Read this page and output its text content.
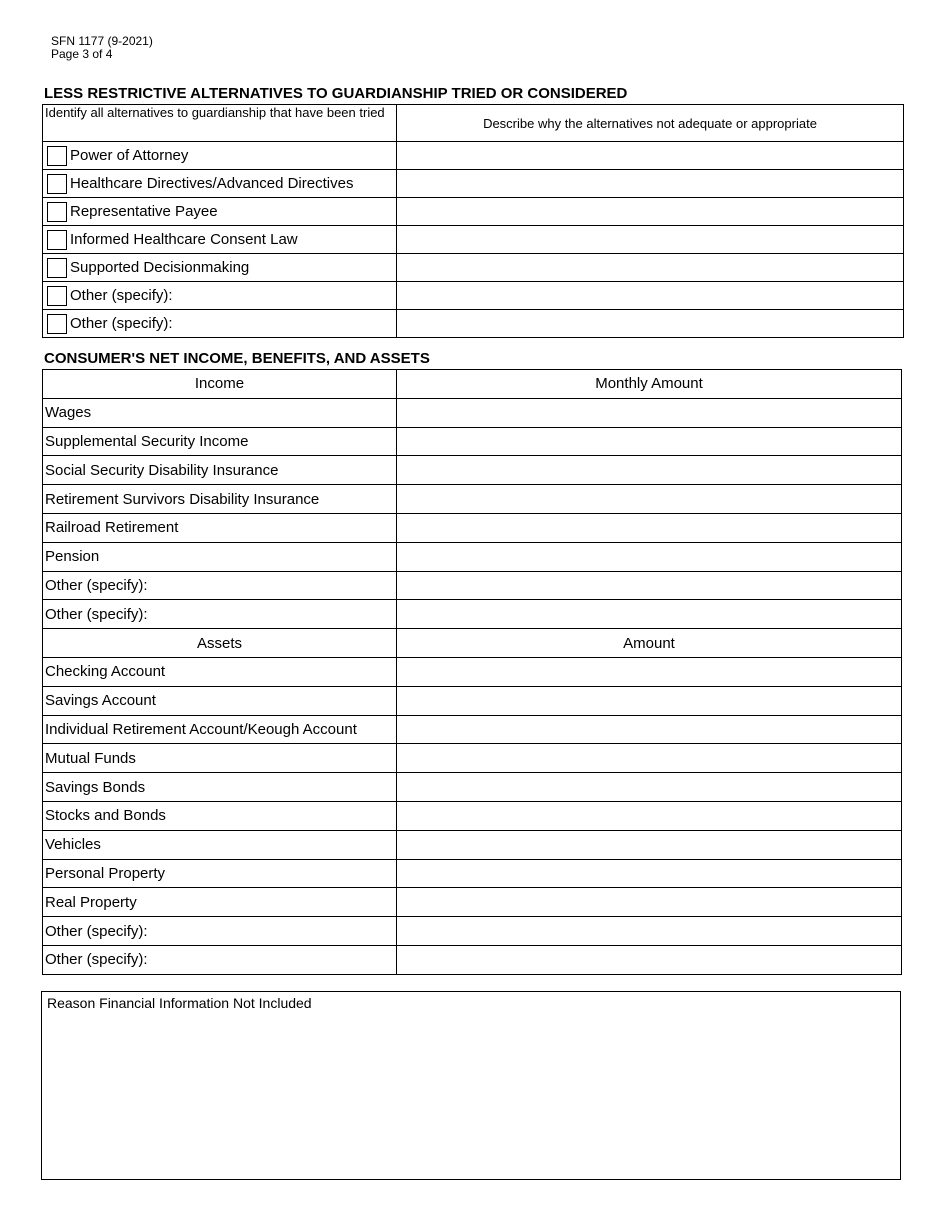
SFN 1177 (9-2021)
Page 3 of 4
LESS RESTRICTIVE ALTERNATIVES TO GUARDIANSHIP TRIED OR CONSIDERED
Identify all alternatives to guardianship that have been tried	Describe why the alternatives not adequate or appropriate

Power of Attorney

Healthcare Directives/Advanced Directives

Representative Payee

Informed Healthcare Consent Law

Supported Decisionmaking

Other (specify):

Other (specify):

CONSUMER'S NET INCOME, BENEFITS, AND ASSETS
Income	Monthly Amount
Wages	
Supplemental Security Income	
Social Security Disability Insurance	
Retirement Survivors Disability Insurance	
Railroad Retirement	
Pension	
Other (specify):	
Other (specify):	
Assets	Amount
Checking Account	
Savings Account	
Individual Retirement Account/Keough Account	
Mutual Funds	
Savings Bonds	
Stocks and Bonds	
Vehicles	
Personal Property	
Real Property	
Other (specify):	
Other (specify):	
Reason Financial Information Not Included
